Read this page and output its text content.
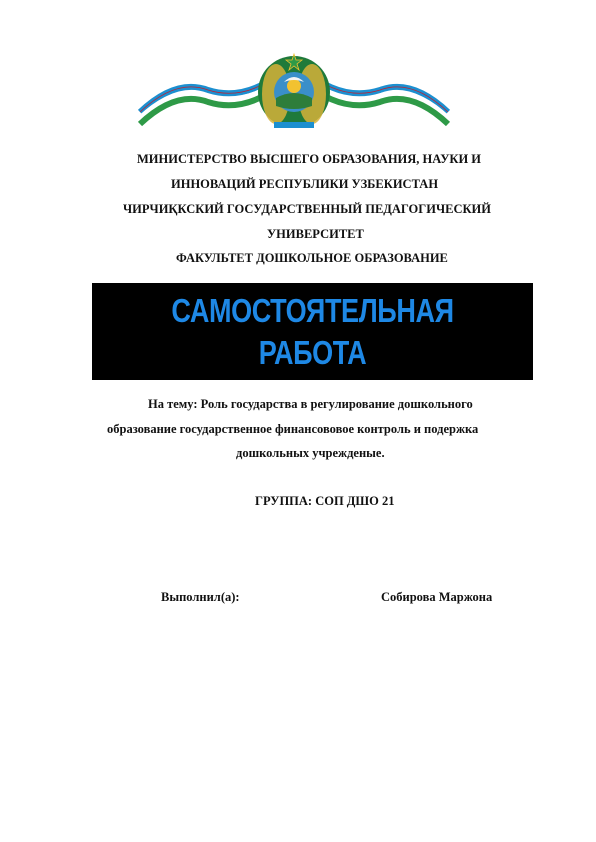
МИНИСТЕРСТВО ВЫСШЕГО ОБРАЗОВАНИЯ, НАУКИ И
ИННОВАЦИЙ РЕСПУБЛИКИ УЗБЕКИСТАН
ЧИРЧИҚКСКИЙ ГОСУДАРСТВЕННЫЙ ПЕДАГОГИЧЕСКИЙ
УНИВЕРСИТЕТ
ФАКУЛЬТЕТ ДОШКОЛЬНОЕ ОБРАЗОВАНИЕ
САМОСТОЯТЕЛЬНАЯ
РАБОТА
На тему: Роль государства в регулирование дошкольного
образование государственное финансововое контроль и подержка
дошкольных учрежденые.
ГРУППА: СОП ДШО 21
Выполнил(а):	Собирова Маржона
